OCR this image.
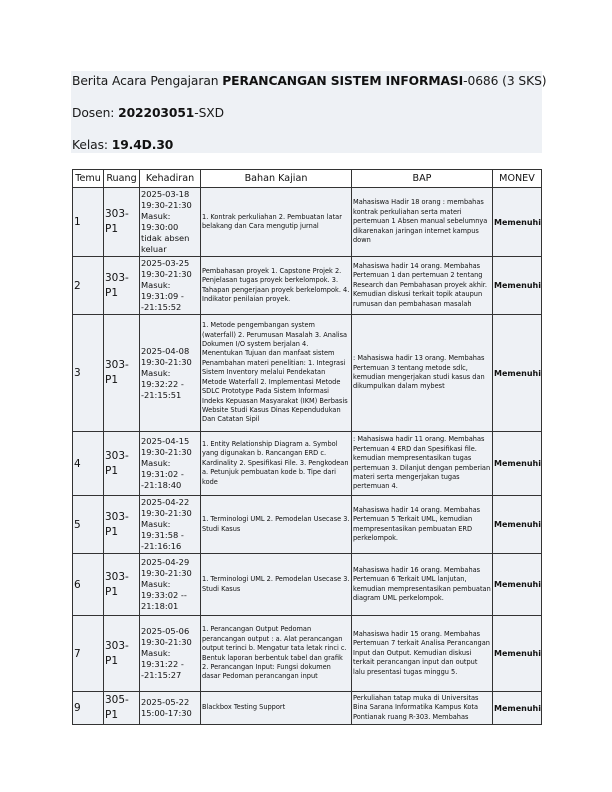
Berita Acara Pengajaran PERANCANGAN SISTEM INFORMASI-0686 (3 SKS)
Dosen: 202203051-SXD
Kelas: 19.4D.30
Temu	Ruang	Kehadiran	Bahan Kajian	BAP	MONEV
1	303-P1	2025-03-18 19:30-21:30 Masuk: 19:30:00 tidak absen keluar	1. Kontrak perkuliahan 2. Pembuatan latar belakang dan Cara mengutip jurnal	Mahasiswa Hadir 18 orang : membahas kontrak perkuliahan serta materi pertemuan 1 Absen manual sebelumnya dikarenakan jaringan internet kampus down	Memenuhi
2	303-P1	2025-03-25 19:30-21:30 Masuk: 19:31:09 --21:15:52	Pembahasan proyek 1. Capstone Projek 2. Penjelasan tugas proyek berkelompok. 3. Tahapan pengerjaan proyek berkelompok. 4. Indikator penilaian proyek.	Mahasiswa hadir 14 orang. Membahas Pertemuan 1 dan pertemuan 2 tentang Research dan Pembahasan proyek akhir. Kemudian diskusi terkait topik ataupun rumusan dan pembahasan masalah	Memenuhi
3	303-P1	2025-04-08 19:30-21:30 Masuk: 19:32:22 --21:15:51	1. Metode pengembangan system (waterfall) 2. Perumusan Masalah 3. Analisa Dokumen I/O system berjalan 4. Menentukan Tujuan dan manfaat sistem Penambahan materi penelitian: 1. Integrasi Sistem Inventory melalui Pendekatan Metode Waterfall 2. Implementasi Metode SDLC Prototype Pada Sistem Informasi Indeks Kepuasan Masyarakat (IKM) Berbasis Website Studi Kasus Dinas Kependudukan Dan Catatan Sipil	: Mahasiswa hadir 13 orang. Membahas Pertemuan 3 tentang metode sdlc, kemudian mengerjakan studi kasus dan dikumpulkan dalam mybest	Memenuhi
4	303-P1	2025-04-15 19:30-21:30 Masuk: 19:31:02 --21:18:40	1. Entity Relationship Diagram a. Symbol yang digunakan b. Rancangan ERD c. Kardinality 2. Spesifikasi File. 3. Pengkodean a. Petunjuk pembuatan kode b. Tipe dari kode	: Mahasiswa hadir 11 orang. Membahas Pertemuan 4 ERD dan Spesifikasi file. kemudian mempresentasikan tugas pertemuan 3. Dilanjut dengan pemberian materi serta mengerjakan tugas pertemuan 4.	Memenuhi
5	303-P1	2025-04-22 19:30-21:30 Masuk: 19:31:58 --21:16:16	1. Terminologi UML 2. Pemodelan Usecase 3. Studi Kasus	Mahasiswa hadir 14 orang. Membahas Pertemuan 5 Terkait UML, kemudian mempresentasikan pembuatan ERD perkelompok.	Memenuhi
6	303-P1	2025-04-29 19:30-21:30 Masuk: 19:33:02 -- 21:18:01	1. Terminologi UML 2. Pemodelan Usecase 3. Studi Kasus	Mahasiswa hadir 16 orang. Membahas Pertemuan 6 Terkait UML lanjutan, kemudian mempresentasikan pembuatan diagram UML perkelompok.	Memenuhi
7	303-P1	2025-05-06 19:30-21:30 Masuk: 19:31:22 --21:15:27	1. Perancangan Output Pedoman perancangan output : a. Alat perancangan output terinci b. Mengatur tata letak rinci c. Bentuk laporan berbentuk tabel dan grafik 2. Perancangan Input: Fungsi dokumen dasar Pedoman perancangan input	Mahasiswa hadir 15 orang. Membahas Pertemuan 7 terkait Analisa Perancangan Input dan Output. Kemudian diskusi terkait perancangan input dan output lalu presentasi tugas minggu 5.	Memenuhi
9	305-P1	2025-05-22 15:00-17:30	Blackbox Testing Support	Perkuliahan tatap muka di Universitas Bina Sarana Informatika Kampus Kota Pontianak ruang R-303. Membahas	Memenuhi
